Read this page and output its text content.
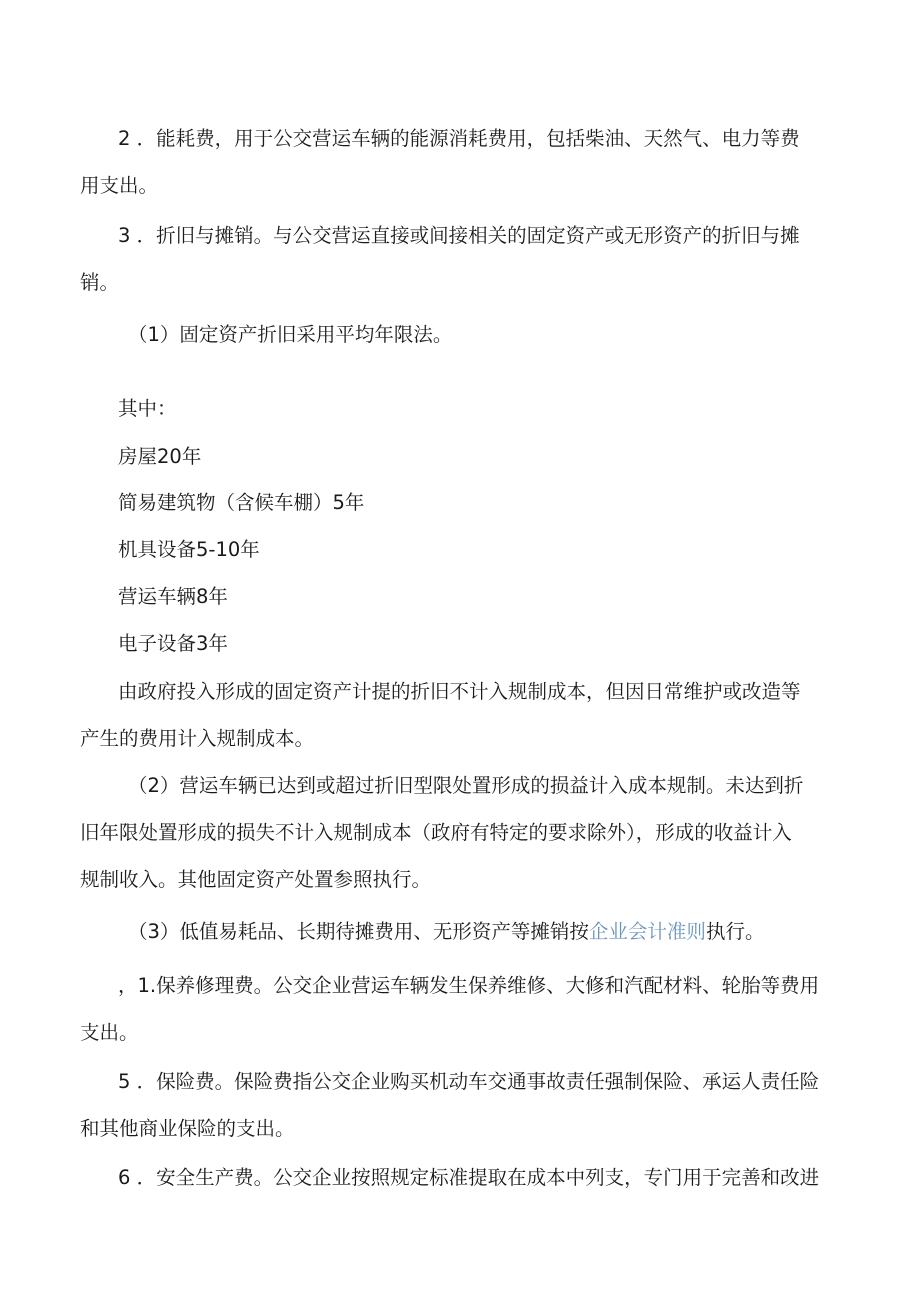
2 ．能耗费，用于公交营运车辆的能源消耗费用，包括柴油、天然气、电力等费

用支出。

3 ．折旧与摊销。与公交营运直接或间接相关的固定资产或无形资产的折旧与摊

销。

（1）固定资产折旧采用平均年限法。

其中：

房屋20年

简易建筑物（含候车棚）5年

机具设备5-10年

营运车辆8年

电子设备3年

由政府投入形成的固定资产计提的折旧不计入规制成本，但因日常维护或改造等

产生的费用计入规制成本。

（2）营运车辆已达到或超过折旧型限处置形成的损益计入成本规制。未达到折

旧年限处置形成的损失不计入规制成本（政府有特定的要求除外），形成的收益计入

规制收入。其他固定资产处置参照执行。

（3）低值易耗品、长期待摊费用、无形资产等摊销按企业会计准则执行。

，1.保养修理费。公交企业营运车辆发生保养维修、大修和汽配材料、轮胎等费用

支出。

5 ．保险费。保险费指公交企业购买机动车交通事故责任强制保险、承运人责任险

和其他商业保险的支出。

6 ．安全生产费。公交企业按照规定标准提取在成本中列支，专门用于完善和改进
